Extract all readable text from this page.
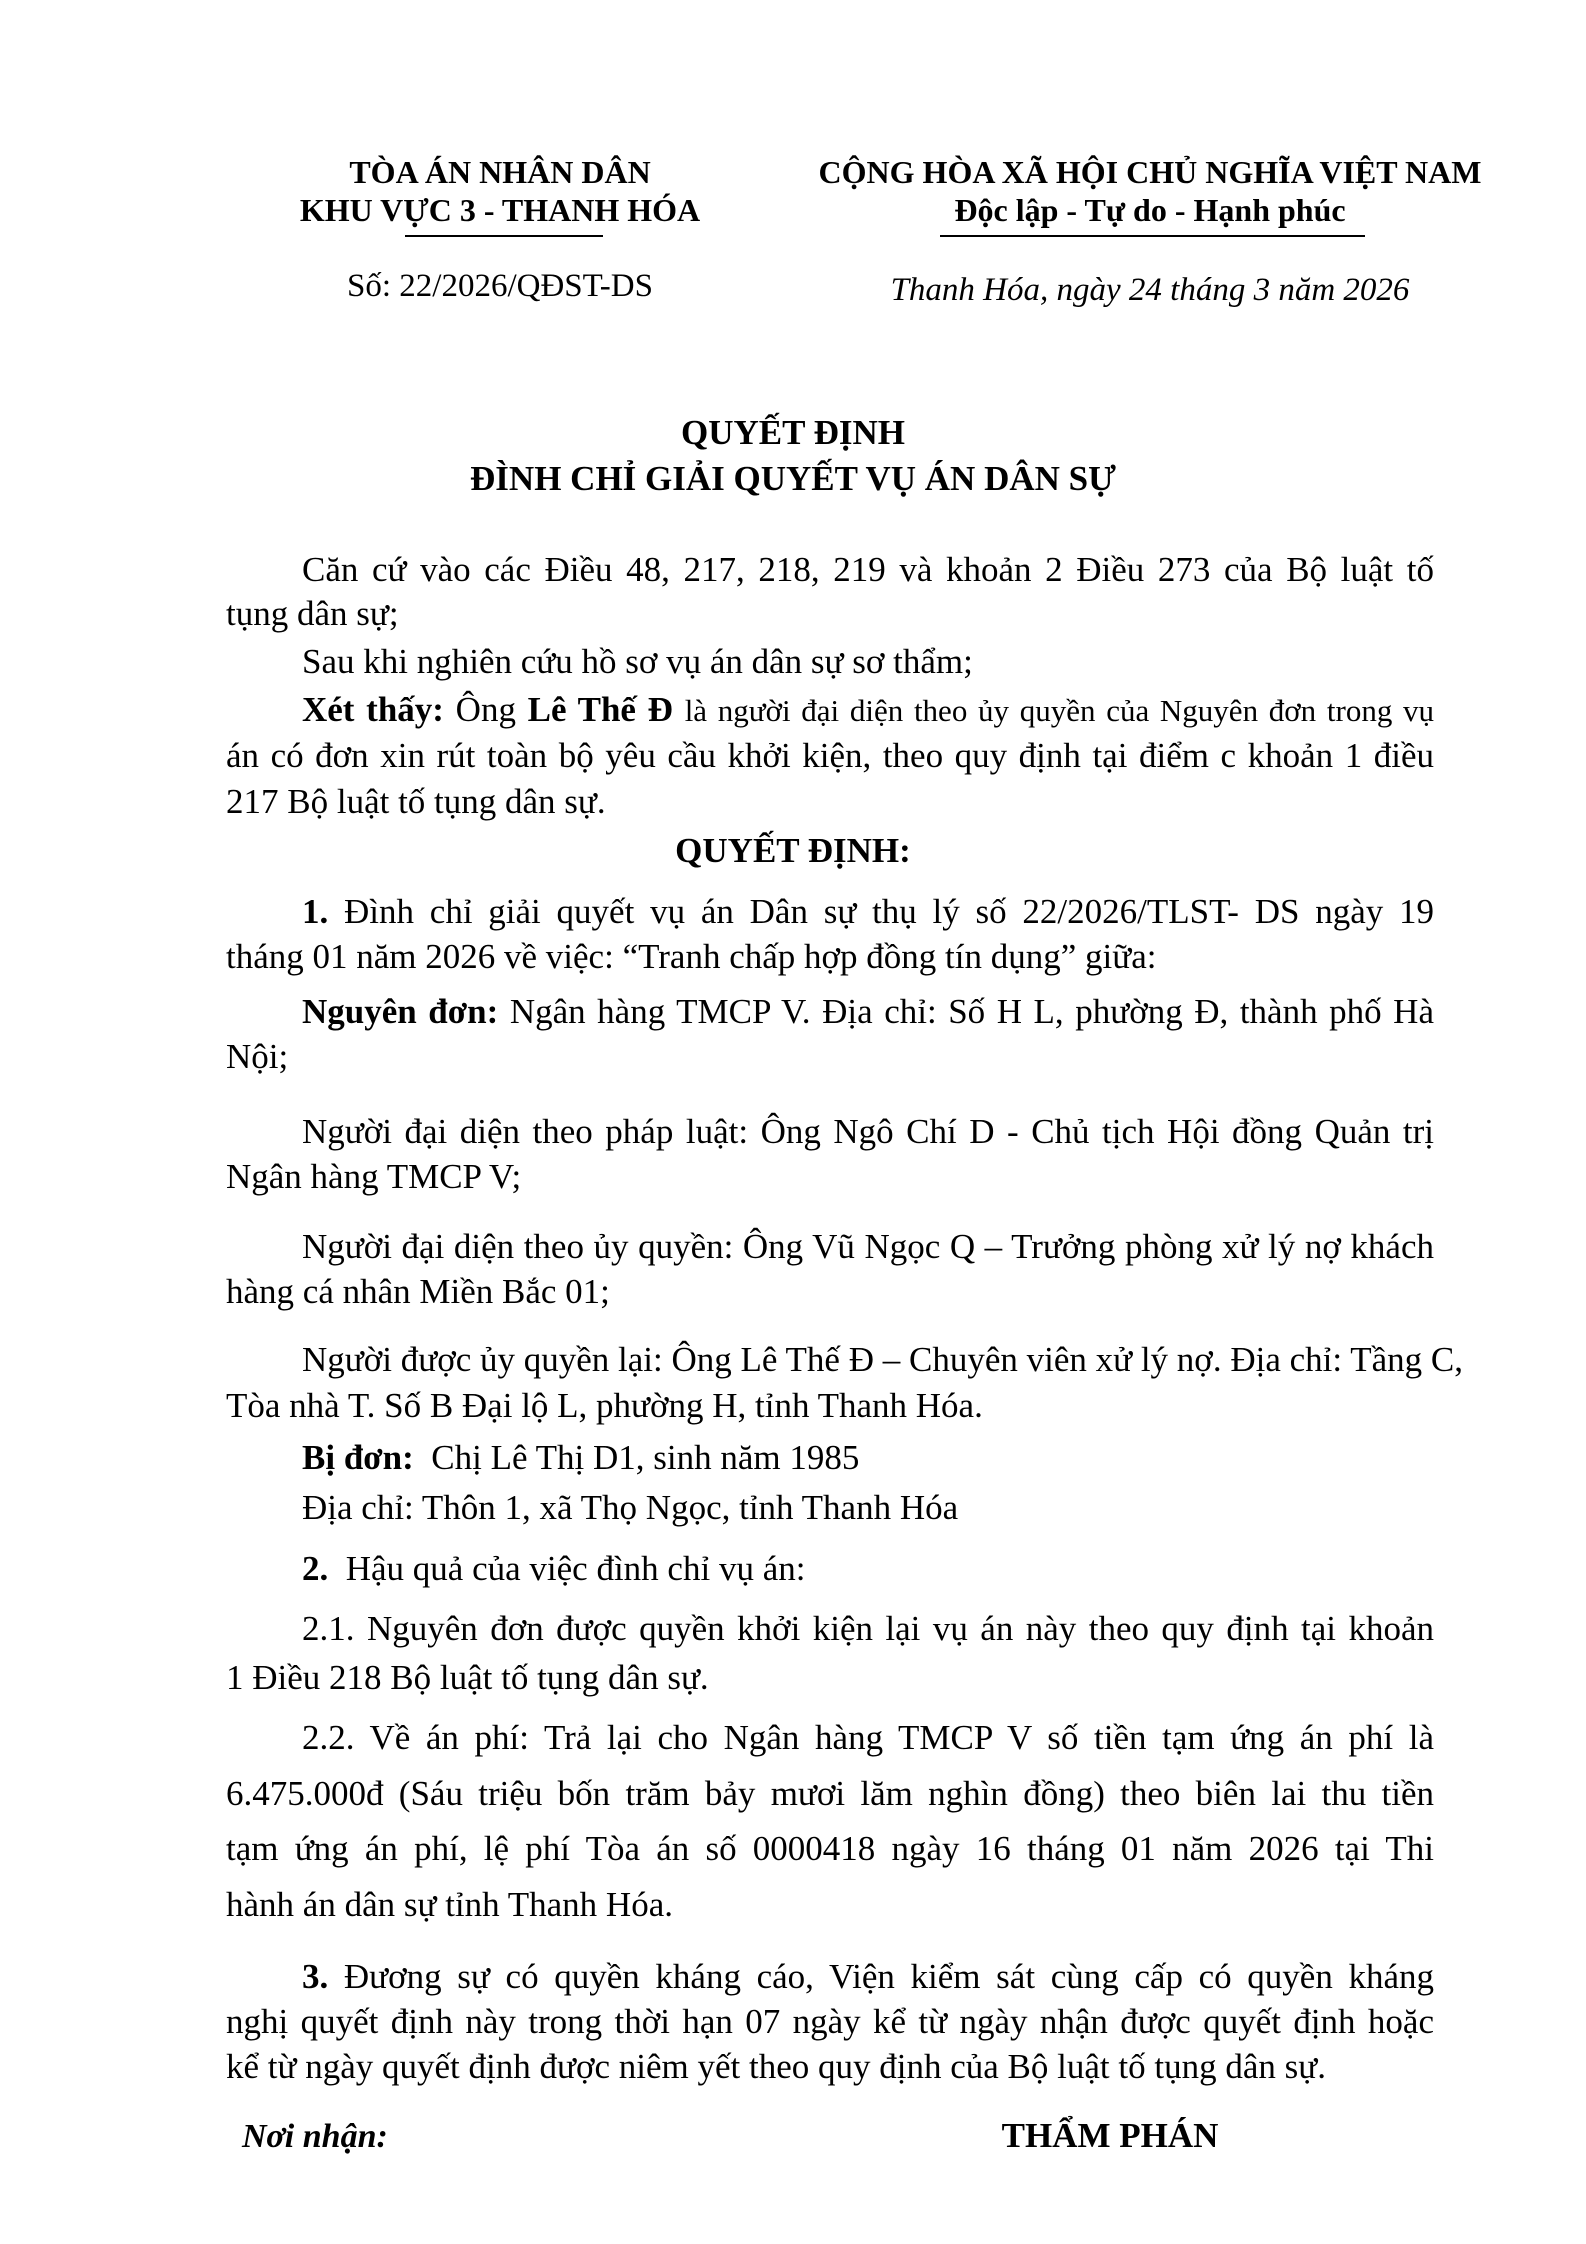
TÒA ÁN NHÂN DÂN
KHU VỰC 3 - THANH HÓA
CỘNG HÒA XÃ HỘI CHỦ NGHĨA VIỆT NAM
Độc lập - Tự do - Hạnh phúc
Số: 22/2026/QĐST-DS	Thanh Hóa, ngày 24 tháng 3 năm 2026
QUYẾT ĐỊNH
ĐÌNH CHỈ GIẢI QUYẾT VỤ ÁN DÂN SỰ
Căn cứ vào các Điều 48, 217, 218, 219 và khoản 2 Điều 273 của Bộ luật tố
tụng dân sự;
Sau khi nghiên cứu hồ sơ vụ án dân sự sơ thẩm;
Xét thấy: Ông Lê Thế Đ là người đại diện theo ủy quyền của Nguyên đơn trong vụ
án có đơn xin rút toàn bộ yêu cầu khởi kiện, theo quy định tại điểm c khoản 1 điều
217 Bộ luật tố tụng dân sự.
QUYẾT ĐỊNH:
1. Đình chỉ giải quyết vụ án Dân sự thụ lý số 22/2026/TLST- DS ngày 19
tháng 01 năm 2026 về việc: “Tranh chấp hợp đồng tín dụng” giữa:
Nguyên đơn: Ngân hàng TMCP V. Địa chỉ: Số H L, phường Đ, thành phố Hà
Nội;
Người đại diện theo pháp luật: Ông Ngô Chí D - Chủ tịch Hội đồng Quản trị
Ngân hàng TMCP V;
Người đại diện theo ủy quyền: Ông Vũ Ngọc Q – Trưởng phòng xử lý nợ khách
hàng cá nhân Miền Bắc 01;
Người được ủy quyền lại: Ông Lê Thế Đ – Chuyên viên xử lý nợ. Địa chỉ: Tầng C,
Tòa nhà T. Số B Đại lộ L, phường H, tỉnh Thanh Hóa.
Bị đơn: Chị Lê Thị D1, sinh năm 1985
Địa chỉ: Thôn 1, xã Thọ Ngọc, tỉnh Thanh Hóa
2. Hậu quả của việc đình chỉ vụ án:
2.1. Nguyên đơn được quyền khởi kiện lại vụ án này theo quy định tại khoản
1 Điều 218 Bộ luật tố tụng dân sự.
2.2. Về án phí: Trả lại cho Ngân hàng TMCP V số tiền tạm ứng án phí là
6.475.000đ (Sáu triệu bốn trăm bảy mươi lăm nghìn đồng) theo biên lai thu tiền
tạm ứng án phí, lệ phí Tòa án số 0000418 ngày 16 tháng 01 năm 2026 tại Thi
hành án dân sự tỉnh Thanh Hóa.
3. Đương sự có quyền kháng cáo, Viện kiểm sát cùng cấp có quyền kháng
nghị quyết định này trong thời hạn 07 ngày kể từ ngày nhận được quyết định hoặc
kể từ ngày quyết định được niêm yết theo quy định của Bộ luật tố tụng dân sự.
Nơi nhận:	THẨM PHÁN
